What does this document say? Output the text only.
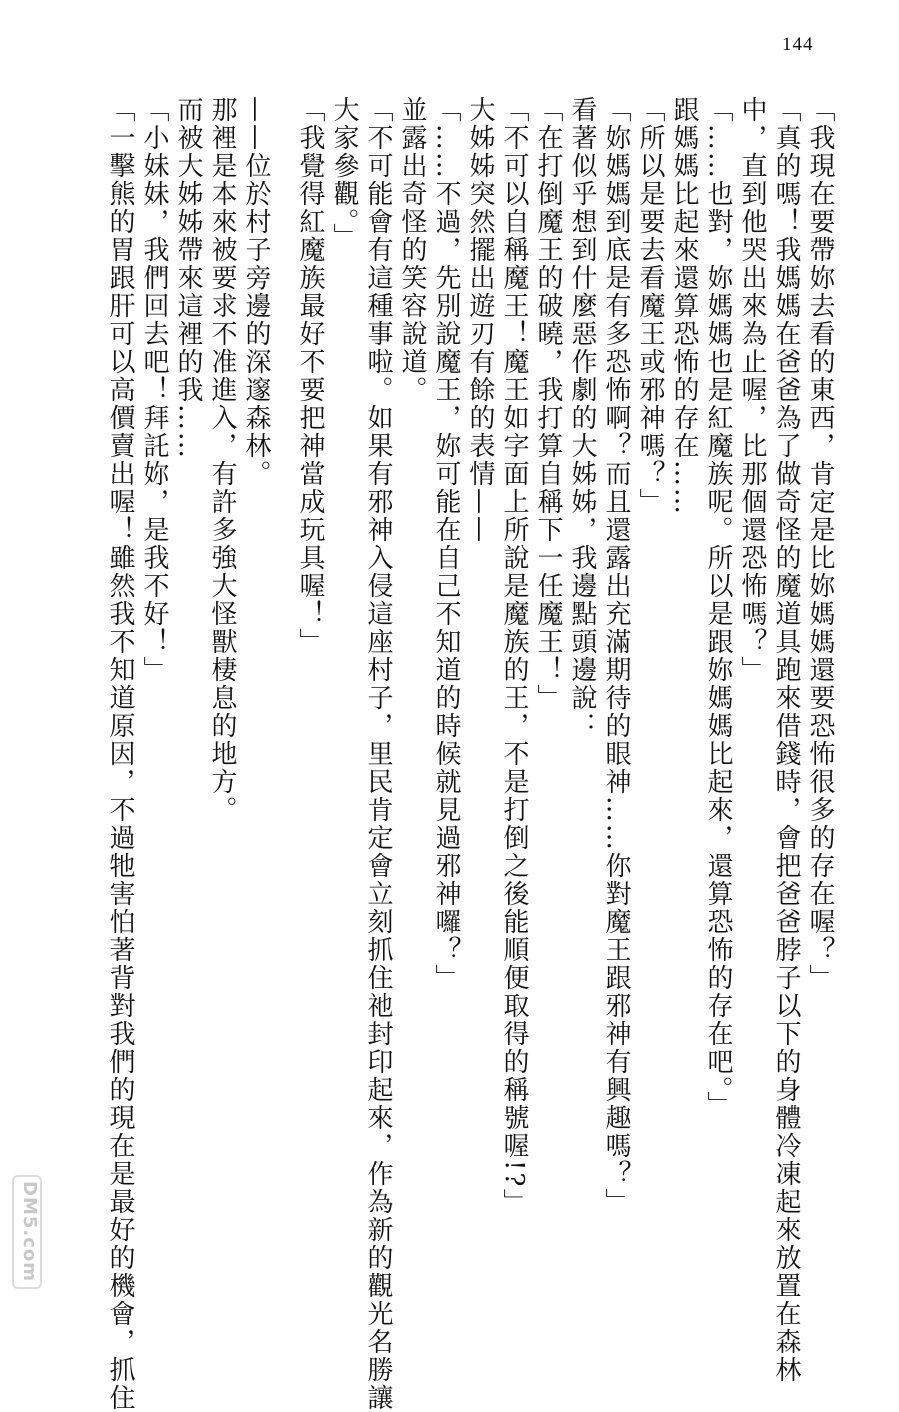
144
「我現在要帶妳去看的東西，肯定是比妳媽媽還要恐怖很多的存在喔？」
「真的嗎！我媽媽在爸爸為了做奇怪的魔道具跑來借錢時，會把爸爸脖子以下的身體冷凍起來放置在森林
中，直到他哭出來為止喔，比那個還恐怖嗎？」
「……也對，妳媽媽也是紅魔族呢。所以是跟妳媽媽比起來，還算恐怖的存在吧。」
跟媽媽比起來還算恐怖的存在……
「所以是要去看魔王或邪神嗎？」
「妳媽媽到底是有多恐怖啊？而且還露出充滿期待的眼神……你對魔王跟邪神有興趣嗎？」
看著似乎想到什麼惡作劇的大姊姊，我邊點頭邊說：
「在打倒魔王的破曉，我打算自稱下一任魔王！」
「不可以自稱魔王！魔王如字面上所說是魔族的王，不是打倒之後能順便取得的稱號喔!?」
大姊姊突然擺出遊刃有餘的表情——
「……不過，先別說魔王，妳可能在自己不知道的時候就見過邪神囉？」
並露出奇怪的笑容說道。
「不可能會有這種事啦。如果有邪神入侵這座村子，里民肯定會立刻抓住祂封印起來，作為新的觀光名勝讓
大家參觀。」
「我覺得紅魔族最好不要把神當成玩具喔！」
——位於村子旁邊的深邃森林。
那裡是本來被要求不准進入，有許多強大怪獸棲息的地方。
而被大姊姊帶來這裡的我……
「小妹妹，我們回去吧！拜託妳，是我不好！」
「一擊熊的胃跟肝可以高價賣出喔！雖然我不知道原因，不過牠害怕著背對我們的現在是最好的機會，抓住
DM5.com
